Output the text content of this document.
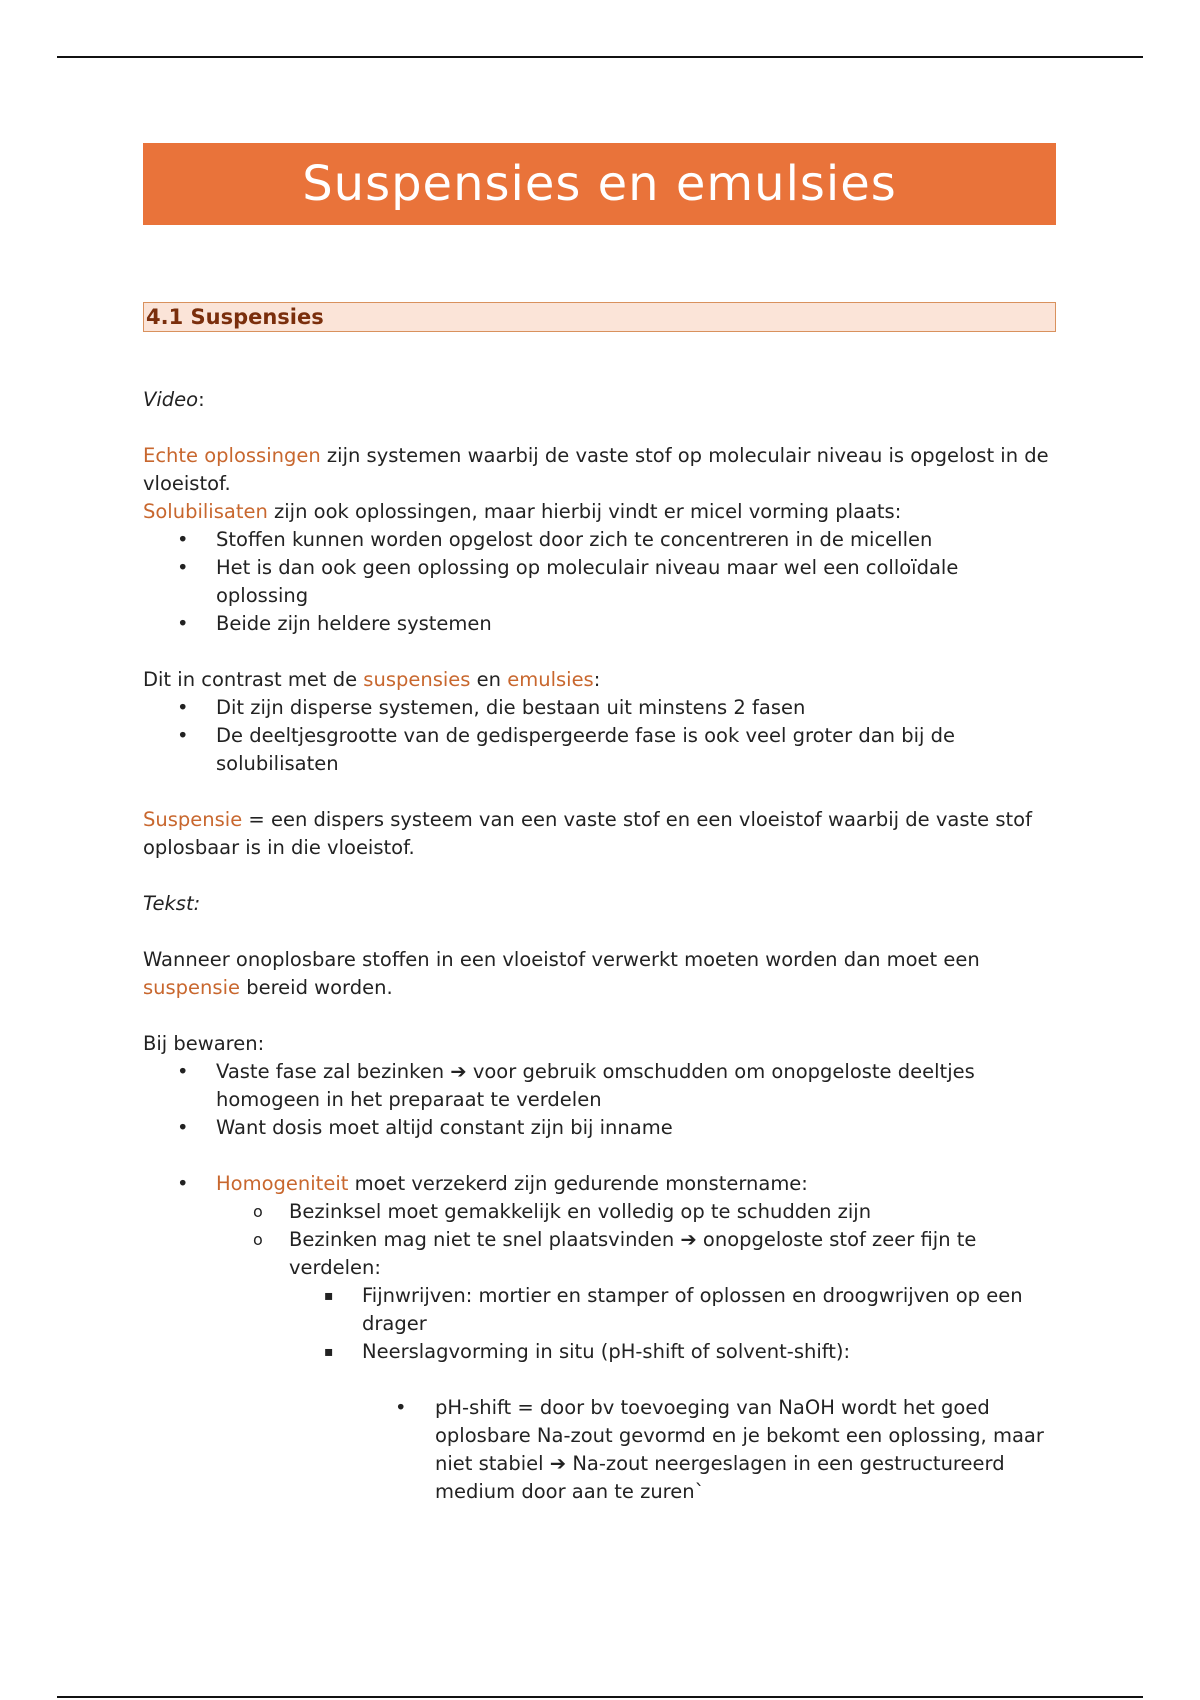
Suspensies en emulsies
4.1 Suspensies

Video:

Echte oplossingen zijn systemen waarbij de vaste stof op moleculair niveau is opgelost in de vloeistof.

Solubilisaten zijn ook oplossingen, maar hierbij vindt er micel vorming plaats:

• Stoffen kunnen worden opgelost door zich te concentreren in de micellen
• Het is dan ook geen oplossing op moleculair niveau maar wel een colloïdale oplossing
• Beide zijn heldere systemen

Dit in contrast met de suspensies en emulsies:

• Dit zijn disperse systemen, die bestaan uit minstens 2 fasen
• De deeltjesgrootte van de gedispergeerde fase is ook veel groter dan bij de solubilisaten

Suspensie = een dispers systeem van een vaste stof en een vloeistof waarbij de vaste stof oplosbaar is in die vloeistof.

Tekst:

Wanneer onoplosbare stoffen in een vloeistof verwerkt moeten worden dan moet een suspensie bereid worden.

Bij bewaren:

• Vaste fase zal bezinken ➔ voor gebruik omschudden om onopgeloste deeltjes homogeen in het preparaat te verdelen
• Want dosis moet altijd constant zijn bij inname
• Homogeniteit moet verzekerd zijn gedurende monstername:
o Bezinksel moet gemakkelijk en volledig op te schudden zijn
o Bezinken mag niet te snel plaatsvinden ➔ onopgeloste stof zeer fijn te verdelen:
▪ Fijnwrijven: mortier en stamper of oplossen en droogwrijven op een drager
▪ Neerslagvorming in situ (pH-shift of solvent-shift):
• pH-shift = door bv toevoeging van NaOH wordt het goed oplosbare Na-zout gevormd en je bekomt een oplossing, maar niet stabiel ➔ Na-zout neergeslagen in een gestructureerd medium door aan te zuren`
